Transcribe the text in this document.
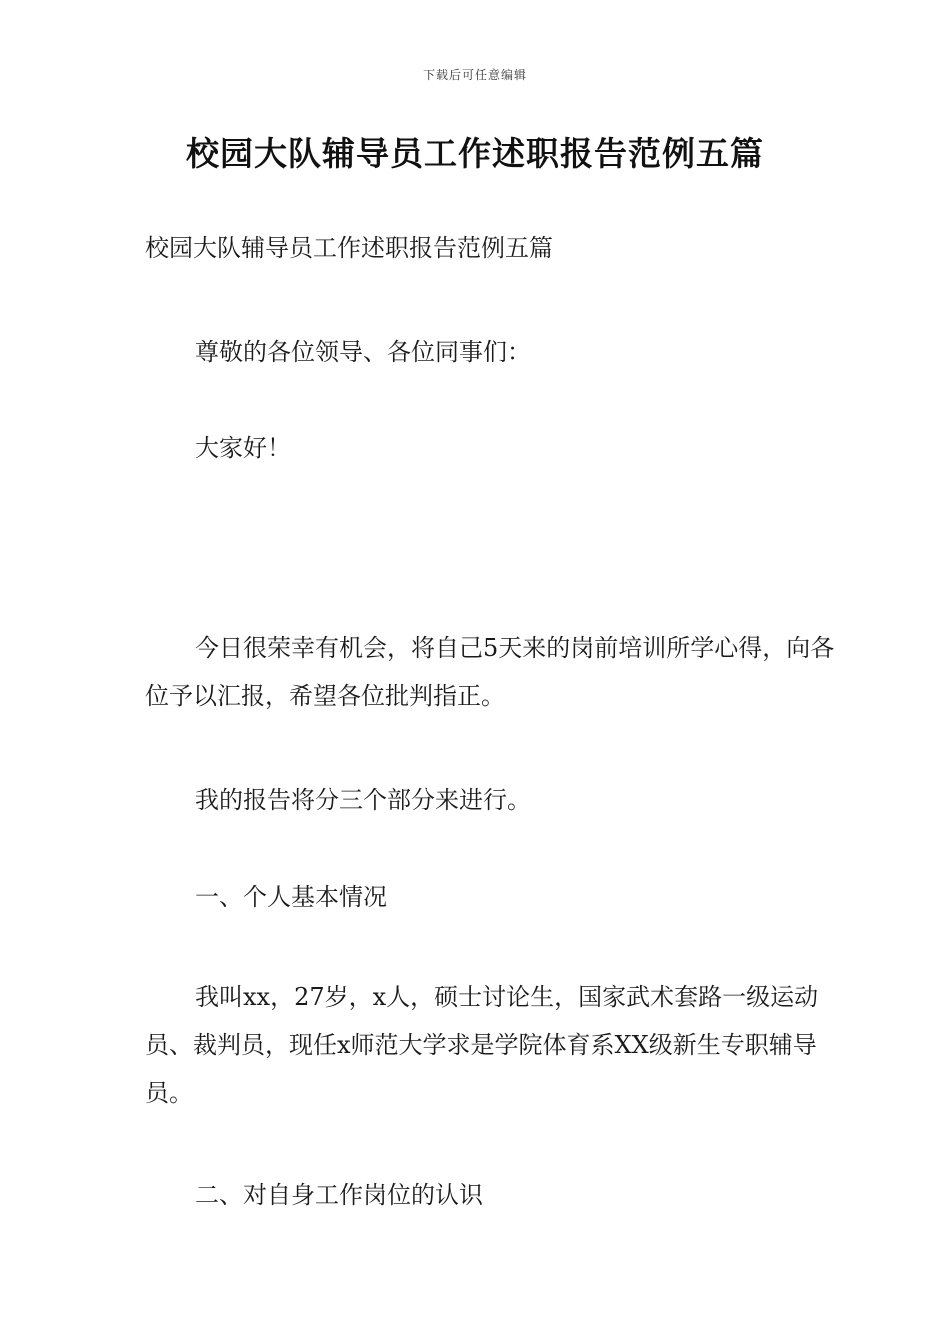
下载后可任意编辑
校园大队辅导员工作述职报告范例五篇

校园大队辅导员工作述职报告范例五篇

尊敬的各位领导、各位同事们：

大家好！

今日很荣幸有机会，将自己5天来的岗前培训所学心得，向各位予以汇报，希望各位批判指正。

我的报告将分三个部分来进行。

一、个人基本情况

我叫xx，27岁，x人，硕士讨论生，国家武术套路一级运动员、裁判员，现任x师范大学求是学院体育系XX级新生专职辅导员。

二、对自身工作岗位的认识
